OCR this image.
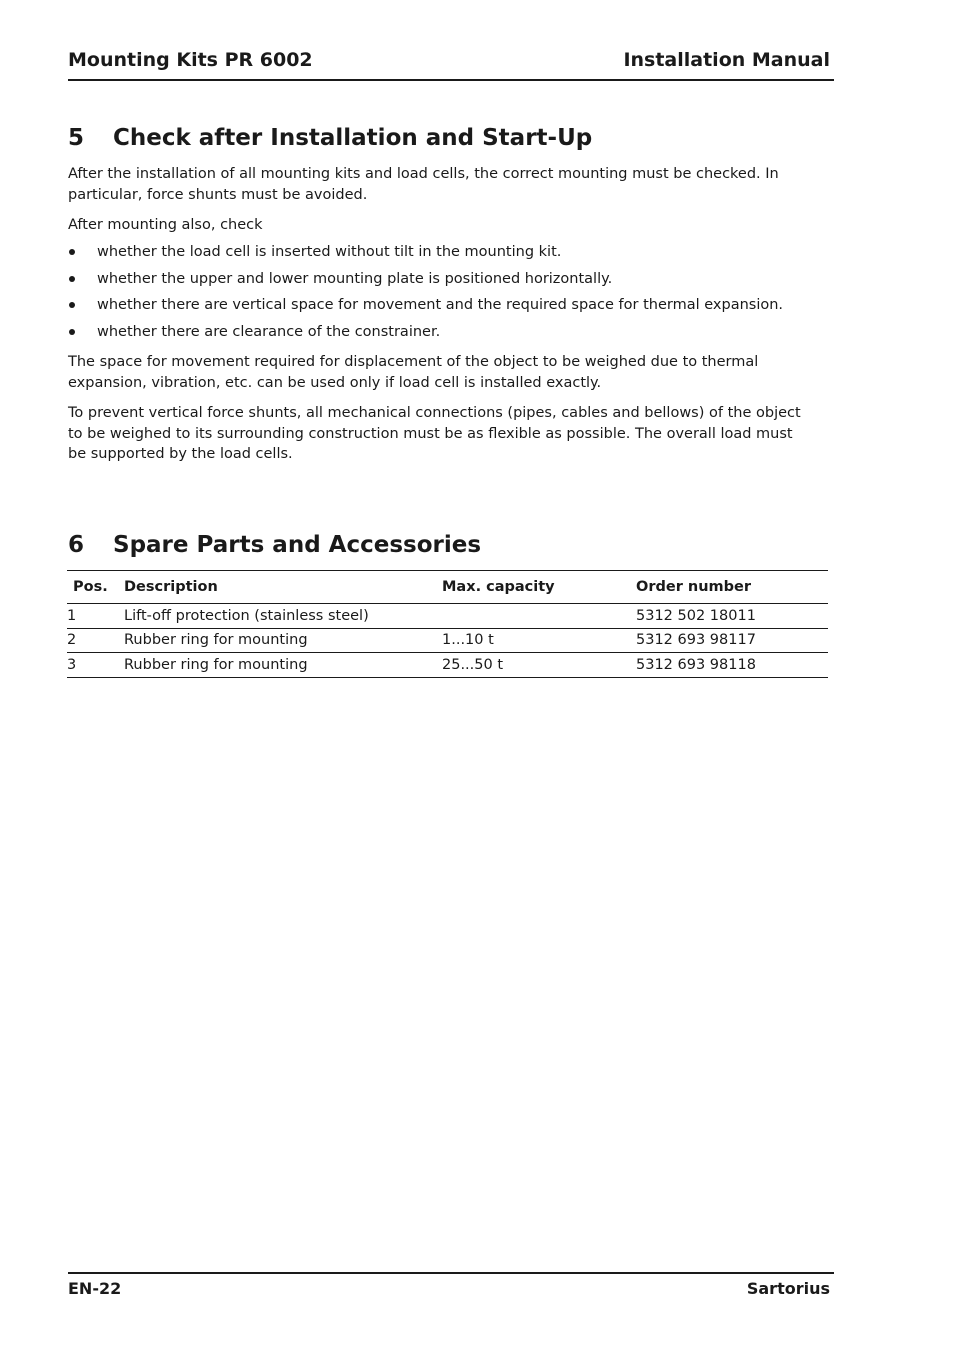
Mounting Kits PR 6002	Installation Manual
5 Check after Installation and Start-Up

After the installation of all mounting kits and load cells, the correct mounting must be checked. In particular, force shunts must be avoided.

After mounting also, check

whether the load cell is inserted without tilt in the mounting kit.
whether the upper and lower mounting plate is positioned horizontally.
whether there are vertical space for movement and the required space for thermal expansion.
whether there are clearance of the constrainer.

The space for movement required for displacement of the object to be weighed due to thermal expansion, vibration, etc. can be used only if load cell is installed exactly.

To prevent vertical force shunts, all mechanical connections (pipes, cables and bellows) of the object to be weighed to its surrounding construction must be as flexible as possible. The overall load must be supported by the load cells.

6 Spare Parts and Accessories
Pos.	Description	Max. capacity	Order number
1	Lift-off protection (stainless steel)		5312 502 18011
2	Rubber ring for mounting	1...10 t	5312 693 98117
3	Rubber ring for mounting	25...50 t	5312 693 98118
EN-22	Sartorius
